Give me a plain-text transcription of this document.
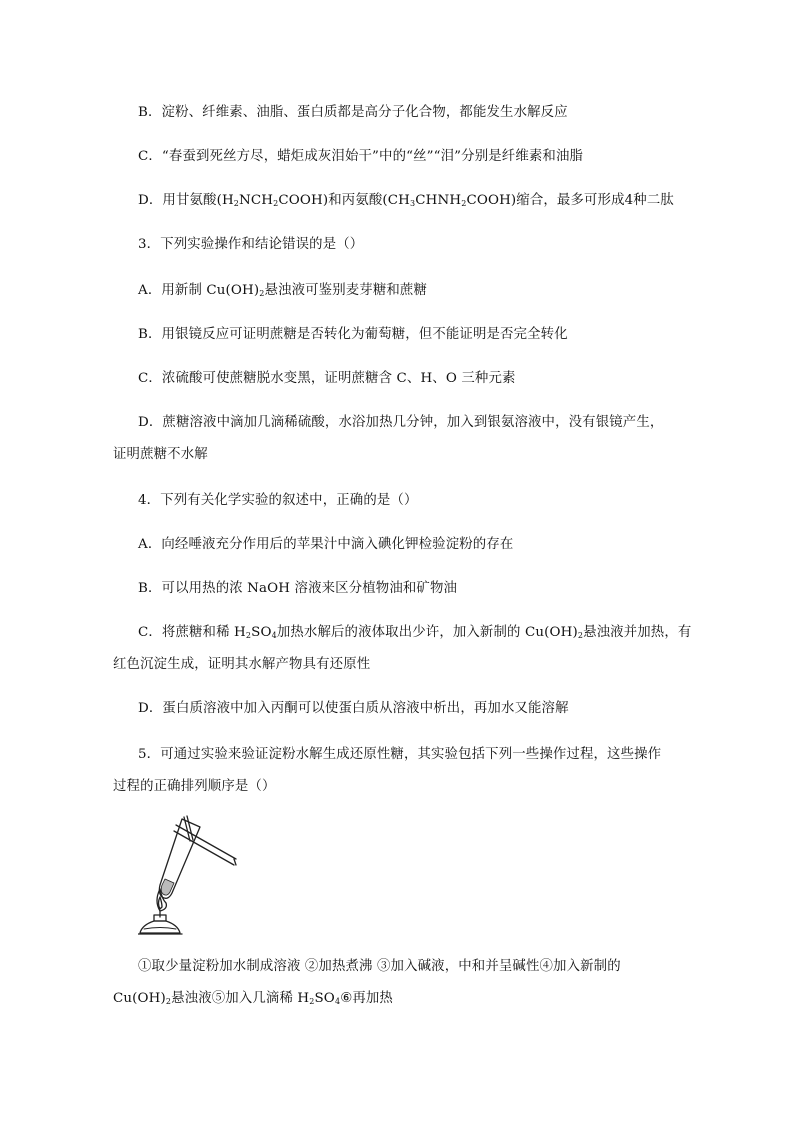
B．淀粉、纤维素、油脂、蛋白质都是高分子化合物，都能发生水解反应
C．“春蚕到死丝方尽，蜡炬成灰泪始干”中的“丝”“泪”分别是纤维素和油脂
D．用甘氨酸$(H_2NCH_2COOH)$和丙氨酸$(CH_3CHNH_2COOH)$缩合，最多可形成4种二肽
3．下列实验操作和结论错误的是（）
A．用新制 $Cu(OH)_2$悬浊液可鉴别麦芽糖和蔗糖
B．用银镜反应可证明蔗糖是否转化为葡萄糖，但不能证明是否完全转化
C．浓硫酸可使蔗糖脱水变黑，证明蔗糖含 C、H、O 三种元素
D．蔗糖溶液中滴加几滴稀硫酸，水浴加热几分钟，加入到银氨溶液中，没有银镜产生，
证明蔗糖不水解
4．下列有关化学实验的叙述中，正确的是（）
A．向经唾液充分作用后的苹果汁中滴入碘化钾检验淀粉的存在
B．可以用热的浓 NaOH 溶液来区分植物油和矿物油
C．将蔗糖和稀 $H_2SO_4$加热水解后的液体取出少许，加入新制的 $Cu(OH)_2$悬浊液并加热，有
红色沉淀生成，证明其水解产物具有还原性
D．蛋白质溶液中加入丙酮可以使蛋白质从溶液中析出，再加水又能溶解
5．可通过实验来验证淀粉水解生成还原性糖，其实验包括下列一些操作过程，这些操作
过程的正确排列顺序是（）
①取少量淀粉加水制成溶液 ②加热煮沸 ③加入碱液，中和并呈碱性④加入新制的
$Cu(OH)_2$悬浊液⑤加入几滴稀 $H_2SO_4⑥$再加热
